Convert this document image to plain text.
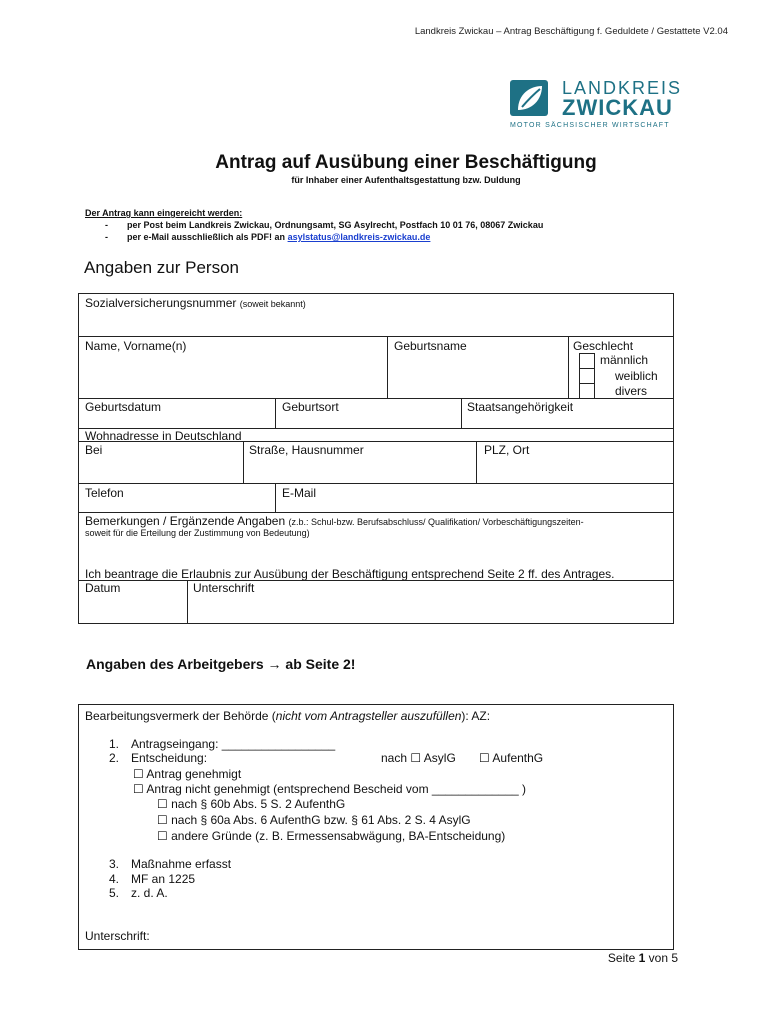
Landkreis Zwickau – Antrag Beschäftigung f. Geduldete / Gestattete V2.04
LANDKREIS
ZWICKAU
MOTOR SÄCHSISCHER WIRTSCHAFT
Antrag auf Ausübung einer Beschäftigung
für Inhaber einer Aufenthaltsgestattung bzw. Duldung
Der Antrag kann eingereicht werden:
-	per Post beim Landkreis Zwickau, Ordnungsamt, SG Asylrecht, Postfach 10 01 76, 08067 Zwickau
-	per e-Mail ausschließlich als PDF! an
asylstatus@landkreis-zwickau.de
Angaben zur Person
Sozialversicherungsnummer (soweit bekannt)
Name, Vorname(n)	Geburtsname	Geschlecht
männlich
weiblich
divers
Geburtsdatum	Geburtsort	Staatsangehörigkeit
Wohnadresse in Deutschland
Bei	Straße, Hausnummer	PLZ, Ort
Telefon	E-Mail
Bemerkungen / Ergänzende Angaben (z.b.: Schul-bzw. Berufsabschluss/ Qualifikation/ Vorbeschäftigungszeiten-
soweit für die Erteilung der Zustimmung von Bedeutung)
Ich beantrage die Erlaubnis zur Ausübung der Beschäftigung entsprechend Seite 2 ff. des Antrages.
Datum	Unterschrift
Angaben des Arbeitgebers → ab Seite 2!
Bearbeitungsvermerk der Behörde (nicht vom Antragsteller auszufüllen): AZ:
1. Antragseingang: _________________
2. Entscheidung:	nach ☐ AsylG ☐ AufenthG
☐ Antrag genehmigt
☐ Antrag nicht genehmigt (entsprechend Bescheid vom _____________ )
☐ nach § 60b Abs. 5 S. 2 AufenthG
☐ nach § 60a Abs. 6 AufenthG bzw. § 61 Abs. 2 S. 4 AsylG
☐ andere Gründe (z. B. Ermessensabwägung, BA-Entscheidung)
3. Maßnahme erfasst
4. MF an 1225
5. z. d. A.
Unterschrift:
Seite 1 von 5
